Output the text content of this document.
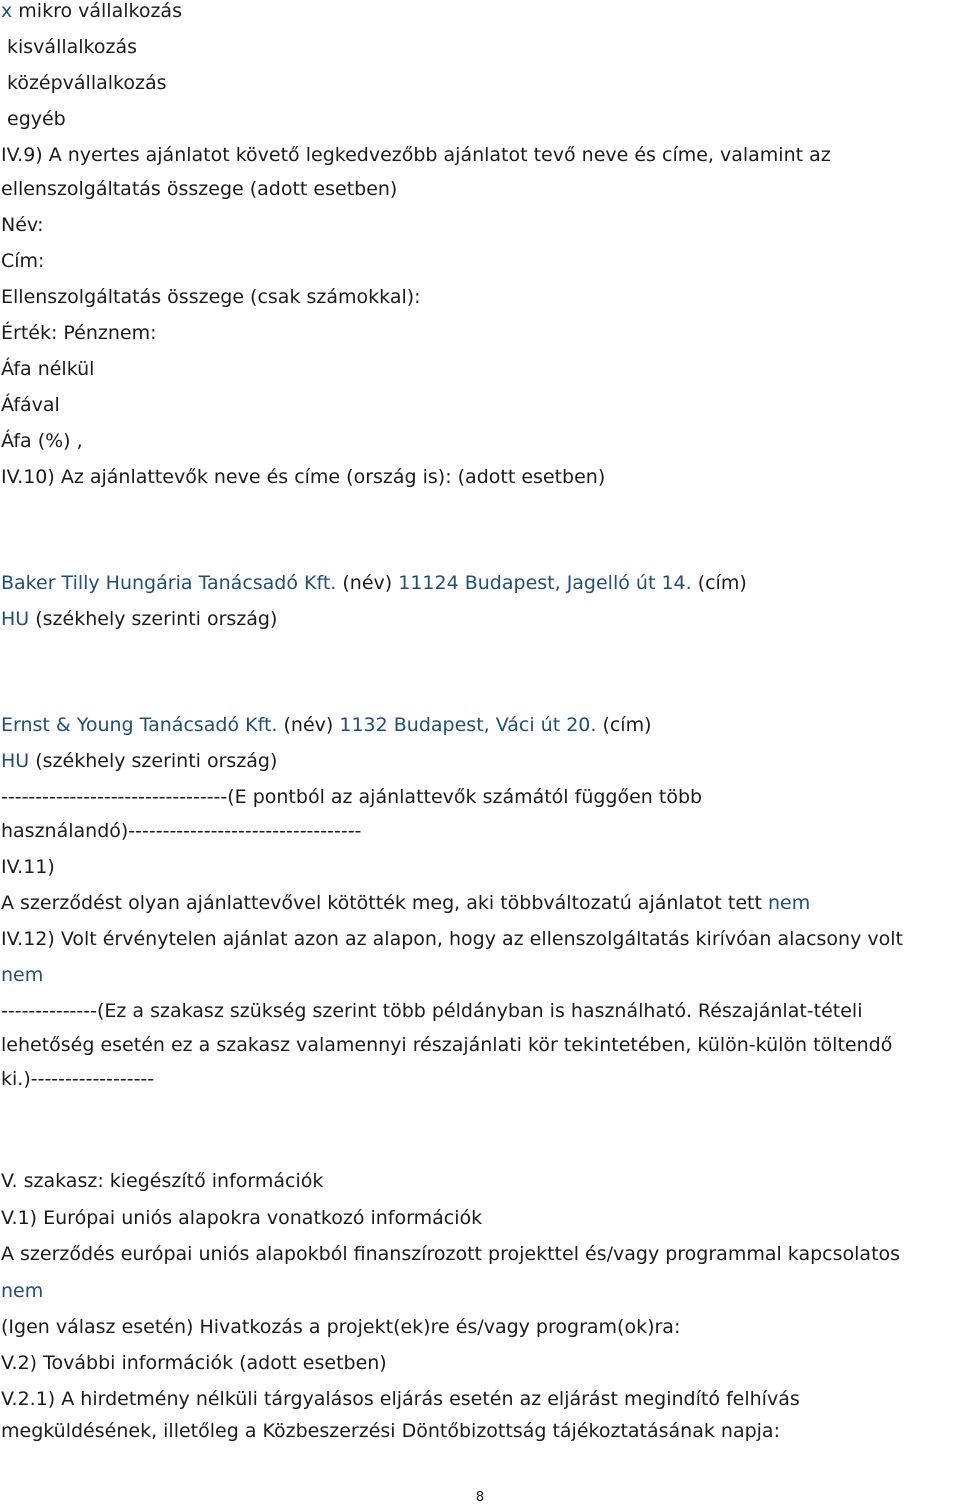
x mikro vállalkozás
kisvállalkozás
középvállalkozás
egyéb
IV.9) A nyertes ajánlatot követő legkedvezőbb ajánlatot tevő neve és címe, valamint az
ellenszolgáltatás összege (adott esetben)
Név:
Cím:
Ellenszolgáltatás összege (csak számokkal):
Érték: Pénznem:
Áfa nélkül
Áfával
Áfa (%) ,
IV.10) Az ajánlattevők neve és címe (ország is): (adott esetben)
Baker Tilly Hungária Tanácsadó Kft. (név) 11124 Budapest, Jagelló út 14. (cím)
HU (székhely szerinti ország)
Ernst & Young Tanácsadó Kft. (név) 1132 Budapest, Váci út 20. (cím)
HU (székhely szerinti ország)
---------------------------------(E pontból az ajánlattevők számától függően több
használandó)----------------------------------
IV.11)
A szerződést olyan ajánlattevővel kötötték meg, aki többváltozatú ajánlatot tett nem
IV.12) Volt érvénytelen ajánlat azon az alapon, hogy az ellenszolgáltatás kirívóan alacsony volt
nem
--------------(Ez a szakasz szükség szerint több példányban is használható. Részajánlat-tételi
lehetőség esetén ez a szakasz valamennyi részajánlati kör tekintetében, külön-külön töltendő
ki.)------------------
V. szakasz: kiegészítő információk
V.1) Európai uniós alapokra vonatkozó információk
A szerződés európai uniós alapokból finanszírozott projekttel és/vagy programmal kapcsolatos
nem
(Igen válasz esetén) Hivatkozás a projekt(ek)re és/vagy program(ok)ra:
V.2) További információk (adott esetben)
V.2.1) A hirdetmény nélküli tárgyalásos eljárás esetén az eljárást megindító felhívás
megküldésének, illetőleg a Közbeszerzési Döntőbizottság tájékoztatásának napja:
8
